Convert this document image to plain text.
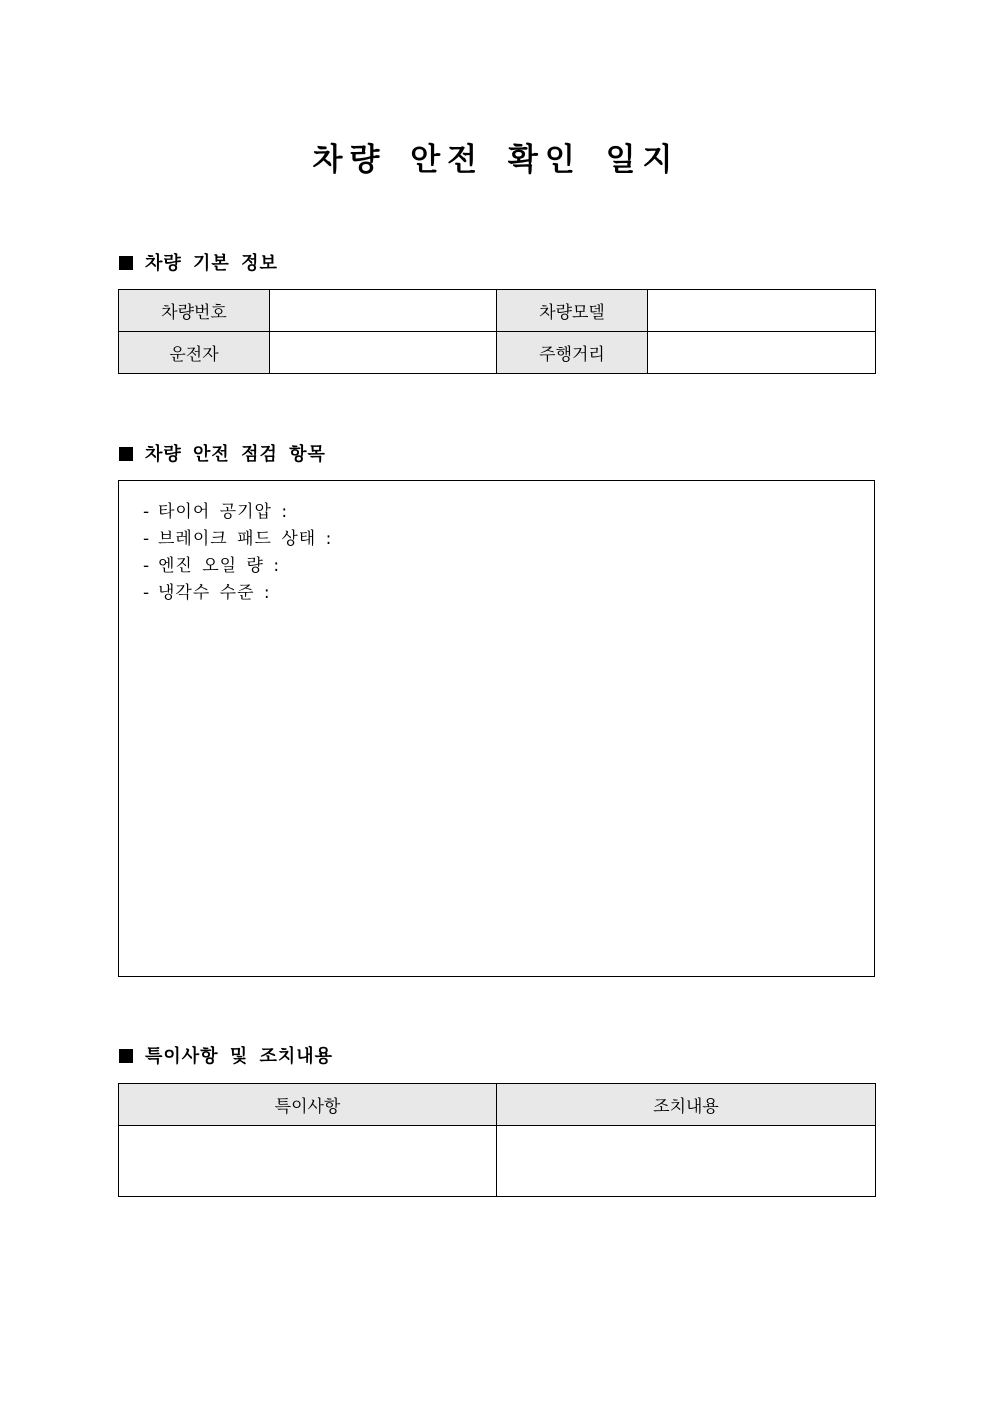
차량 안전 확인 일지
차량 기본 정보
차량번호		차량모델	
운전자		주행거리	
차량 안전 점검 항목
- 타이어 공기압 :
- 브레이크 패드 상태 :
- 엔진 오일 량 :
- 냉각수 수준 :
특이사항 및 조치내용
특이사항	조치내용
